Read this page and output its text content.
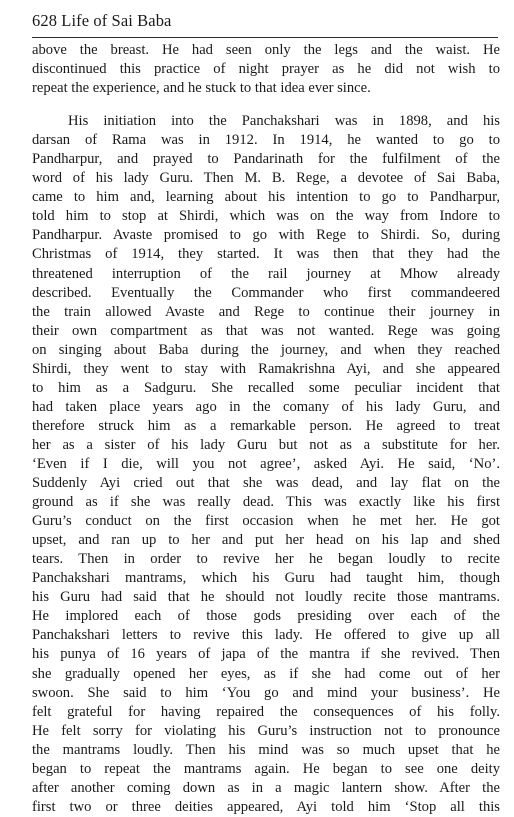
628 Life of Sai Baba

above the breast. He had seen only the legs and the waist. He
discontinued this practice of night prayer as he did not wish to
repeat the experience, and he stuck to that idea ever since.

His initiation into the Panchakshari was in 1898, and his
darsan of Rama was in 1912. In 1914, he wanted to go to
Pandharpur, and prayed to Pandarinath for the fulfilment of the
word of his lady Guru. Then M. B. Rege, a devotee of Sai Baba,
came to him and, learning about his intention to go to Pandharpur,
told him to stop at Shirdi, which was on the way from Indore to
Pandharpur. Avaste promised to go with Rege to Shirdi. So, during
Christmas of 1914, they started. It was then that they had the
threatened interruption of the rail journey at Mhow already
described. Eventually the Commander who first commandeered
the train allowed Avaste and Rege to continue their journey in
their own compartment as that was not wanted. Rege was going
on singing about Baba during the journey, and when they reached
Shirdi, they went to stay with Ramakrishna Ayi, and she appeared
to him as a Sadguru. She recalled some peculiar incident that
had taken place years ago in the comany of his lady Guru, and
therefore struck him as a remarkable person. He agreed to treat
her as a sister of his lady Guru but not as a substitute for her.
‘Even if I die, will you not agree’, asked Ayi. He said, ‘No’.
Suddenly Ayi cried out that she was dead, and lay flat on the
ground as if she was really dead. This was exactly like his first
Guru’s conduct on the first occasion when he met her. He got
upset, and ran up to her and put her head on his lap and shed
tears. Then in order to revive her he began loudly to recite
Panchakshari mantrams, which his Guru had taught him, though
his Guru had said that he should not loudly recite those mantrams.
He implored each of those gods presiding over each of the
Panchakshari letters to revive this lady. He offered to give up all
his punya of 16 years of japa of the mantra if she revived. Then
she gradually opened her eyes, as if she had come out of her
swoon. She said to him ‘You go and mind your business’. He
felt grateful for having repaired the consequences of his folly.
He felt sorry for violating his Guru’s instruction not to pronounce
the mantrams loudly. Then his mind was so much upset that he
began to repeat the mantrams again. He began to see one deity
after another coming down as in a magic lantern show. After the
first two or three deities appeared, Ayi told him ‘Stop all this
